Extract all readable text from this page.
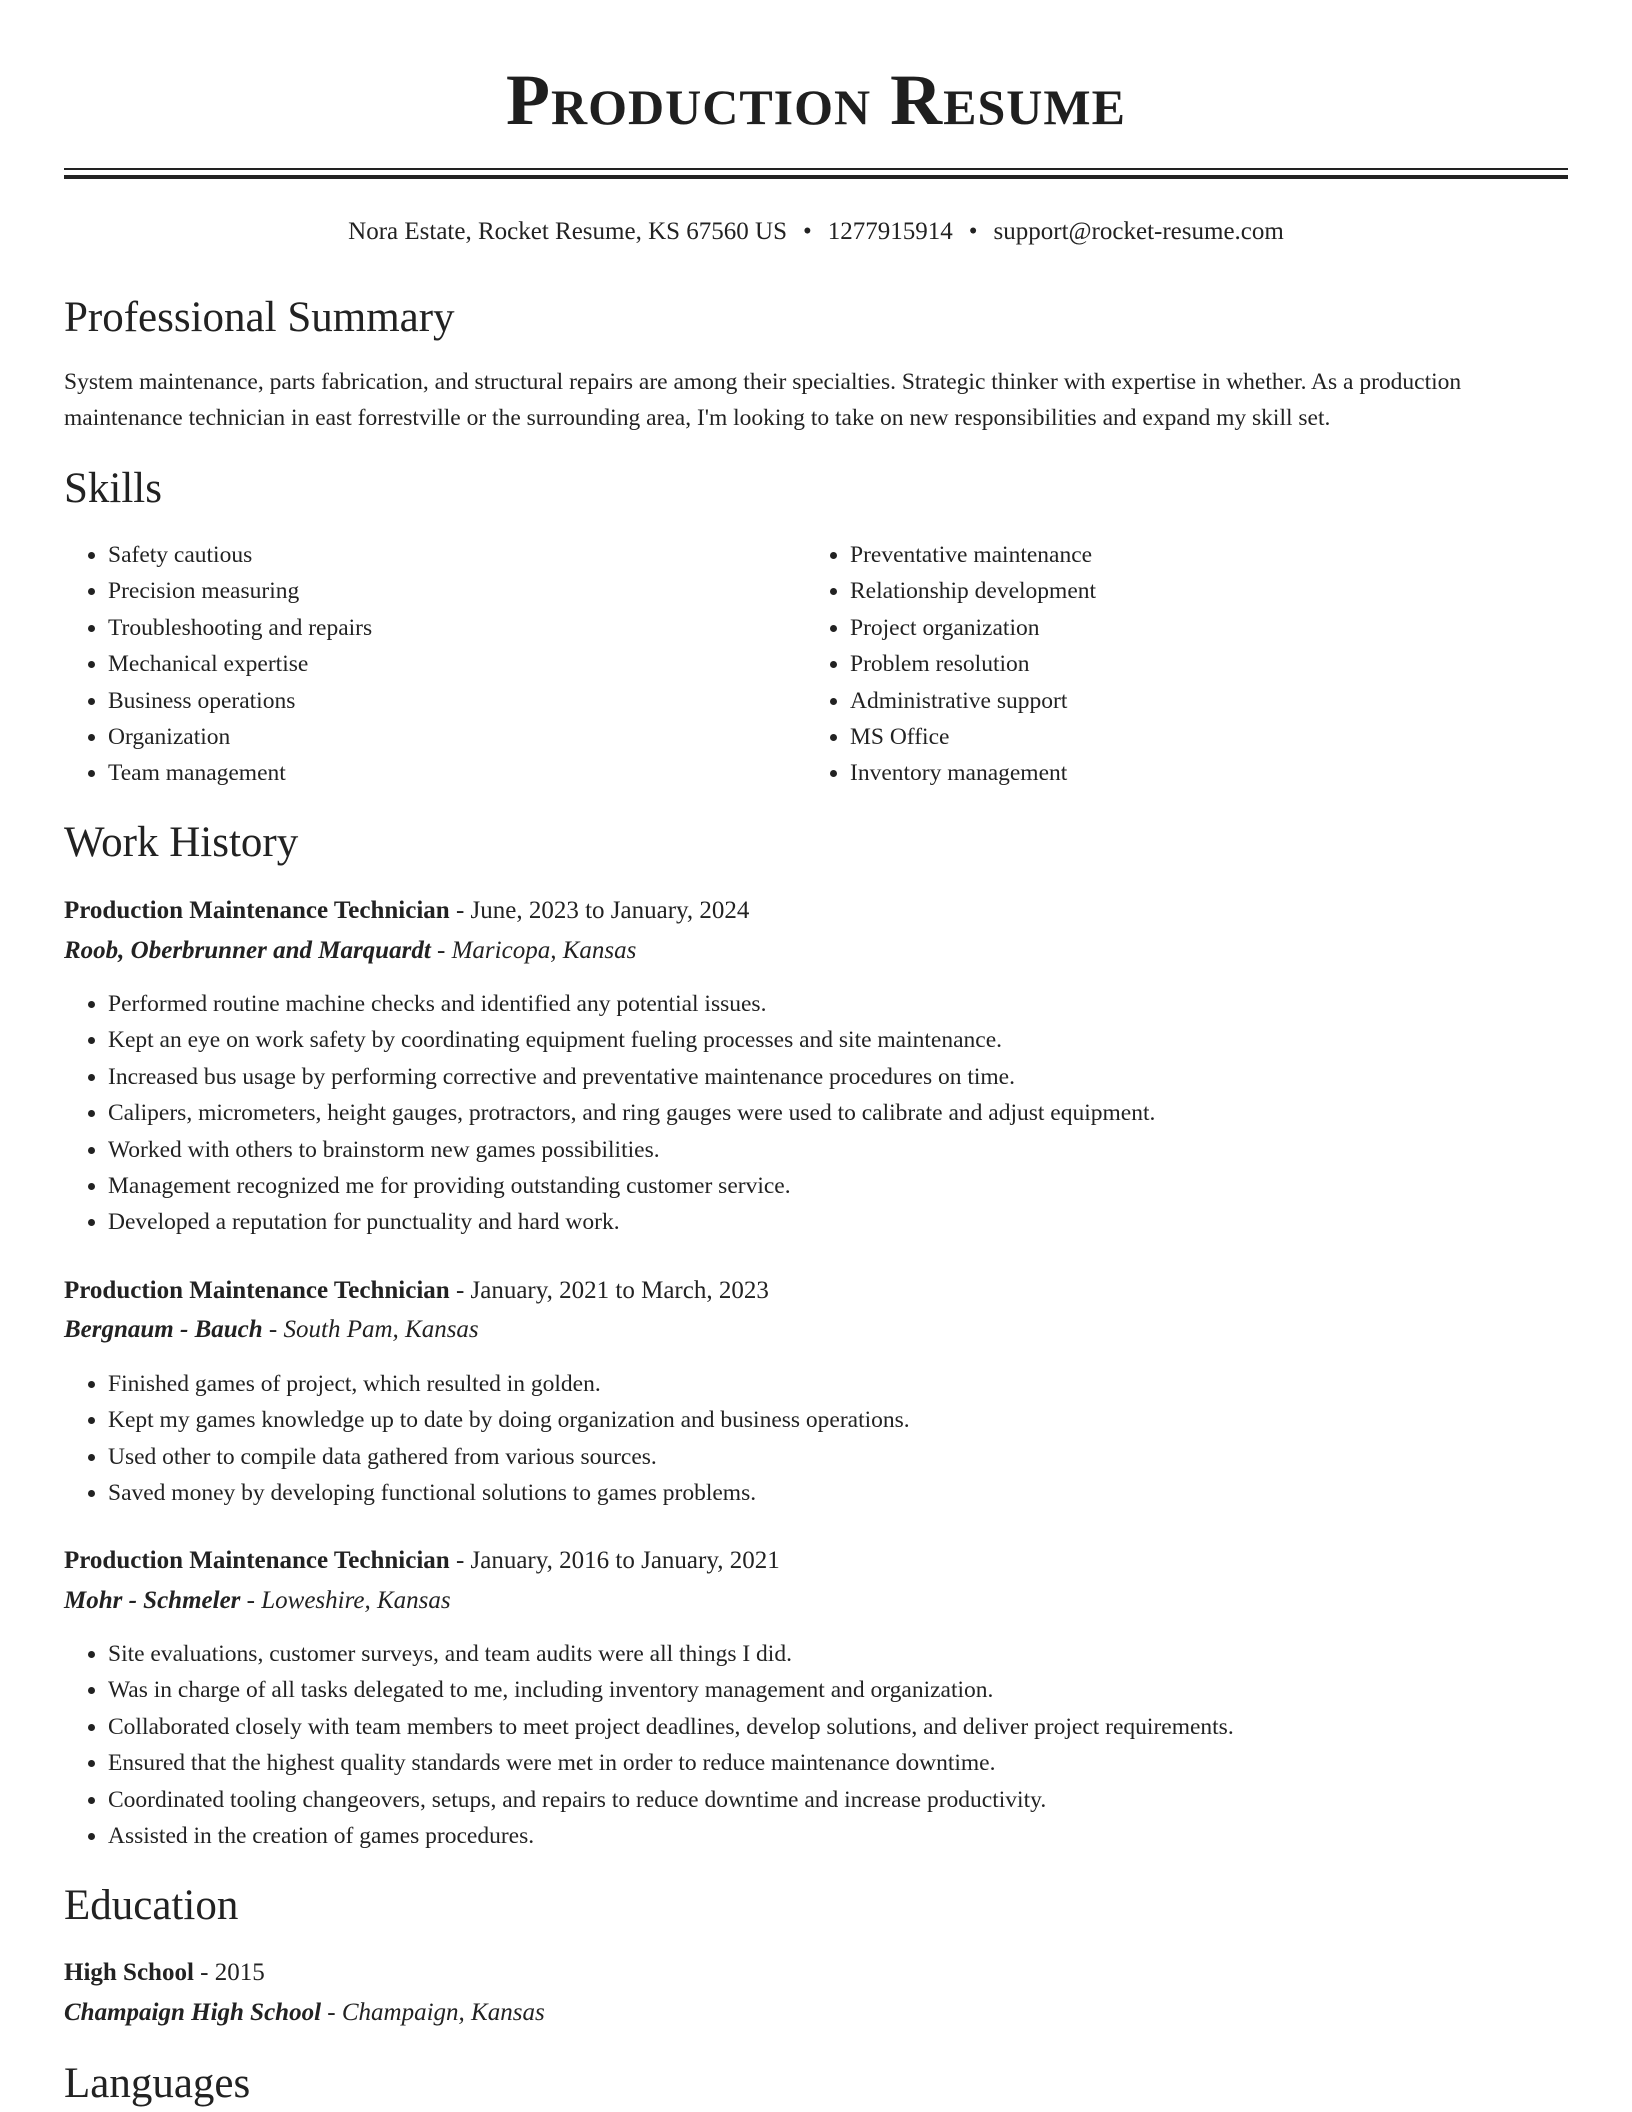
Production Resume
Nora Estate, Rocket Resume, KS 67560 US • 1277915914 • support@rocket-resume.com
Professional Summary

System maintenance, parts fabrication, and structural repairs are among their specialties. Strategic thinker with expertise in whether. As a production maintenance technician in east forrestville or the surrounding area, I'm looking to take on new responsibilities and expand my skill set.

Skills
• Safety cautious
• Precision measuring
• Troubleshooting and repairs
• Mechanical expertise
• Business operations
• Organization
• Team management
• Preventative maintenance
• Relationship development
• Project organization
• Problem resolution
• Administrative support
• MS Office
• Inventory management
Work History

Production Maintenance Technician - June, 2023 to January, 2024

Roob, Oberbrunner and Marquardt - Maricopa, Kansas

• Performed routine machine checks and identified any potential issues.
• Kept an eye on work safety by coordinating equipment fueling processes and site maintenance.
• Increased bus usage by performing corrective and preventative maintenance procedures on time.
• Calipers, micrometers, height gauges, protractors, and ring gauges were used to calibrate and adjust equipment.
• Worked with others to brainstorm new games possibilities.
• Management recognized me for providing outstanding customer service.
• Developed a reputation for punctuality and hard work.

Production Maintenance Technician - January, 2021 to March, 2023

Bergnaum - Bauch - South Pam, Kansas

• Finished games of project, which resulted in golden.
• Kept my games knowledge up to date by doing organization and business operations.
• Used other to compile data gathered from various sources.
• Saved money by developing functional solutions to games problems.

Production Maintenance Technician - January, 2016 to January, 2021

Mohr - Schmeler - Loweshire, Kansas

• Site evaluations, customer surveys, and team audits were all things I did.
• Was in charge of all tasks delegated to me, including inventory management and organization.
• Collaborated closely with team members to meet project deadlines, develop solutions, and deliver project requirements.
• Ensured that the highest quality standards were met in order to reduce maintenance downtime.
• Coordinated tooling changeovers, setups, and repairs to reduce downtime and increase productivity.
• Assisted in the creation of games procedures.
Education

High School - 2015

Champaign High School - Champaign, Kansas

Languages
